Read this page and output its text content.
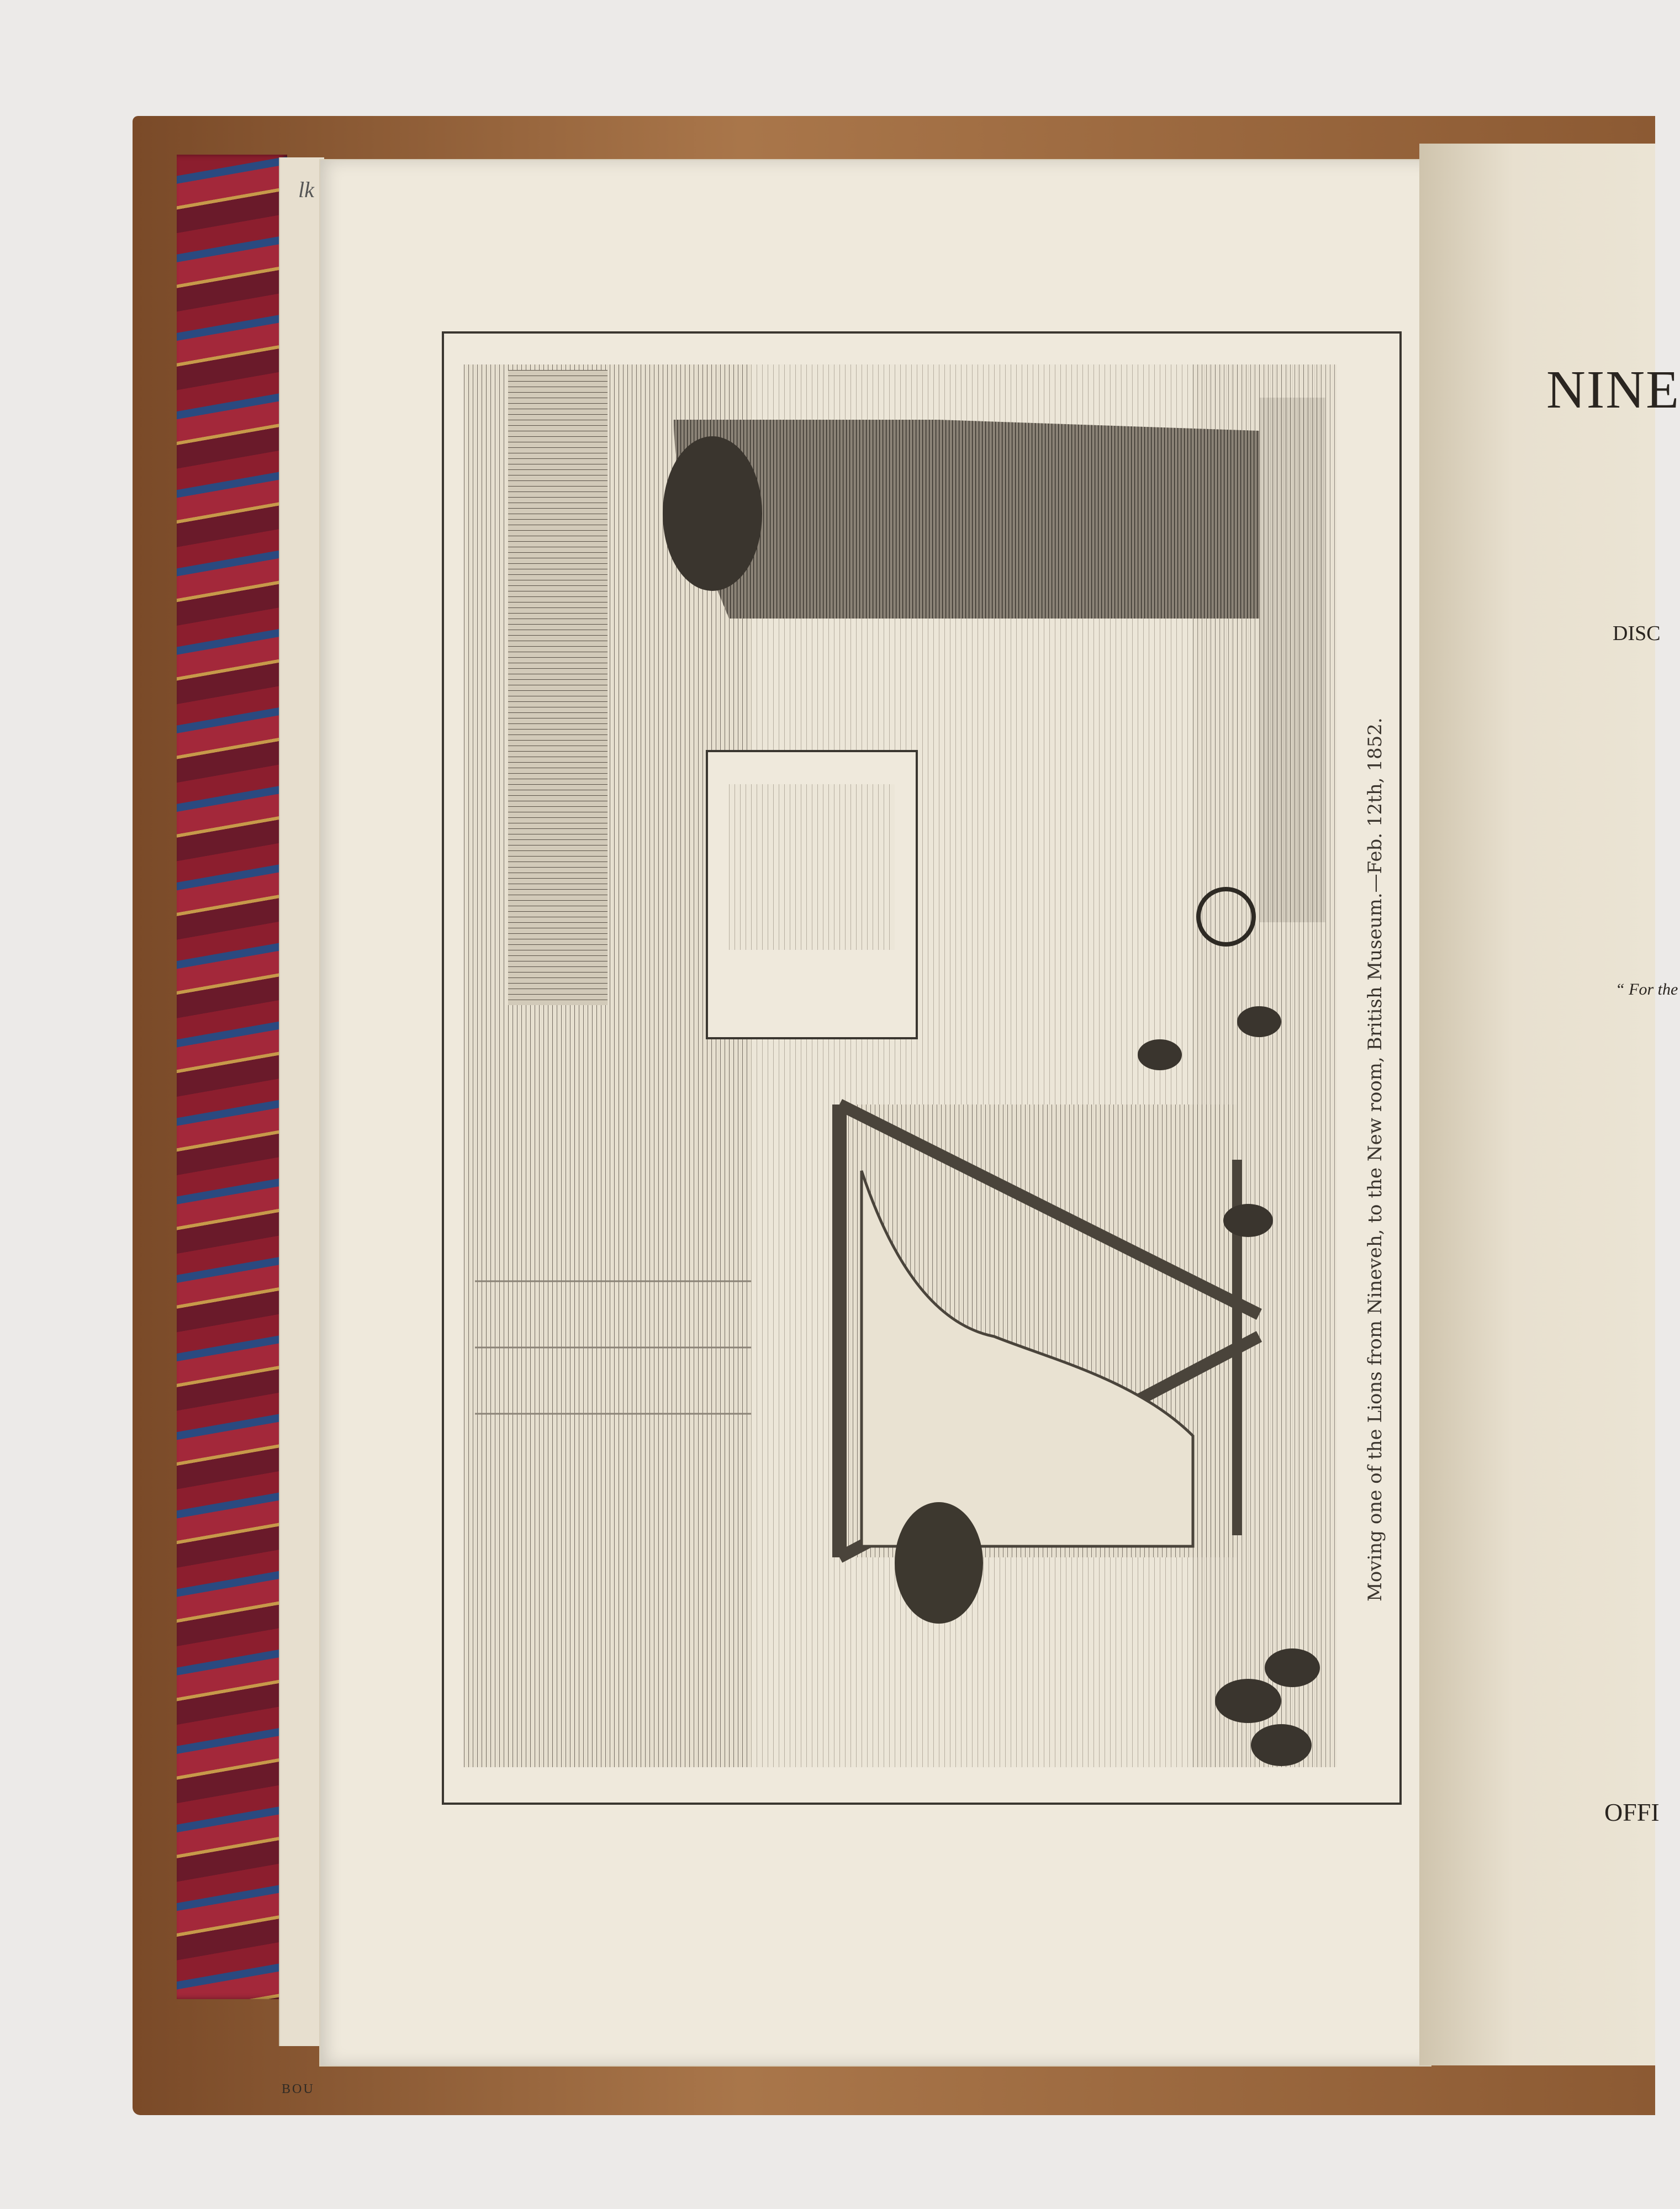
lk
BOU
Moving one of the Lions from Nineveh, to the New room, British Museum.—Feb. 12th, 1852.
NINE
DISC
“ For the
OFFI
